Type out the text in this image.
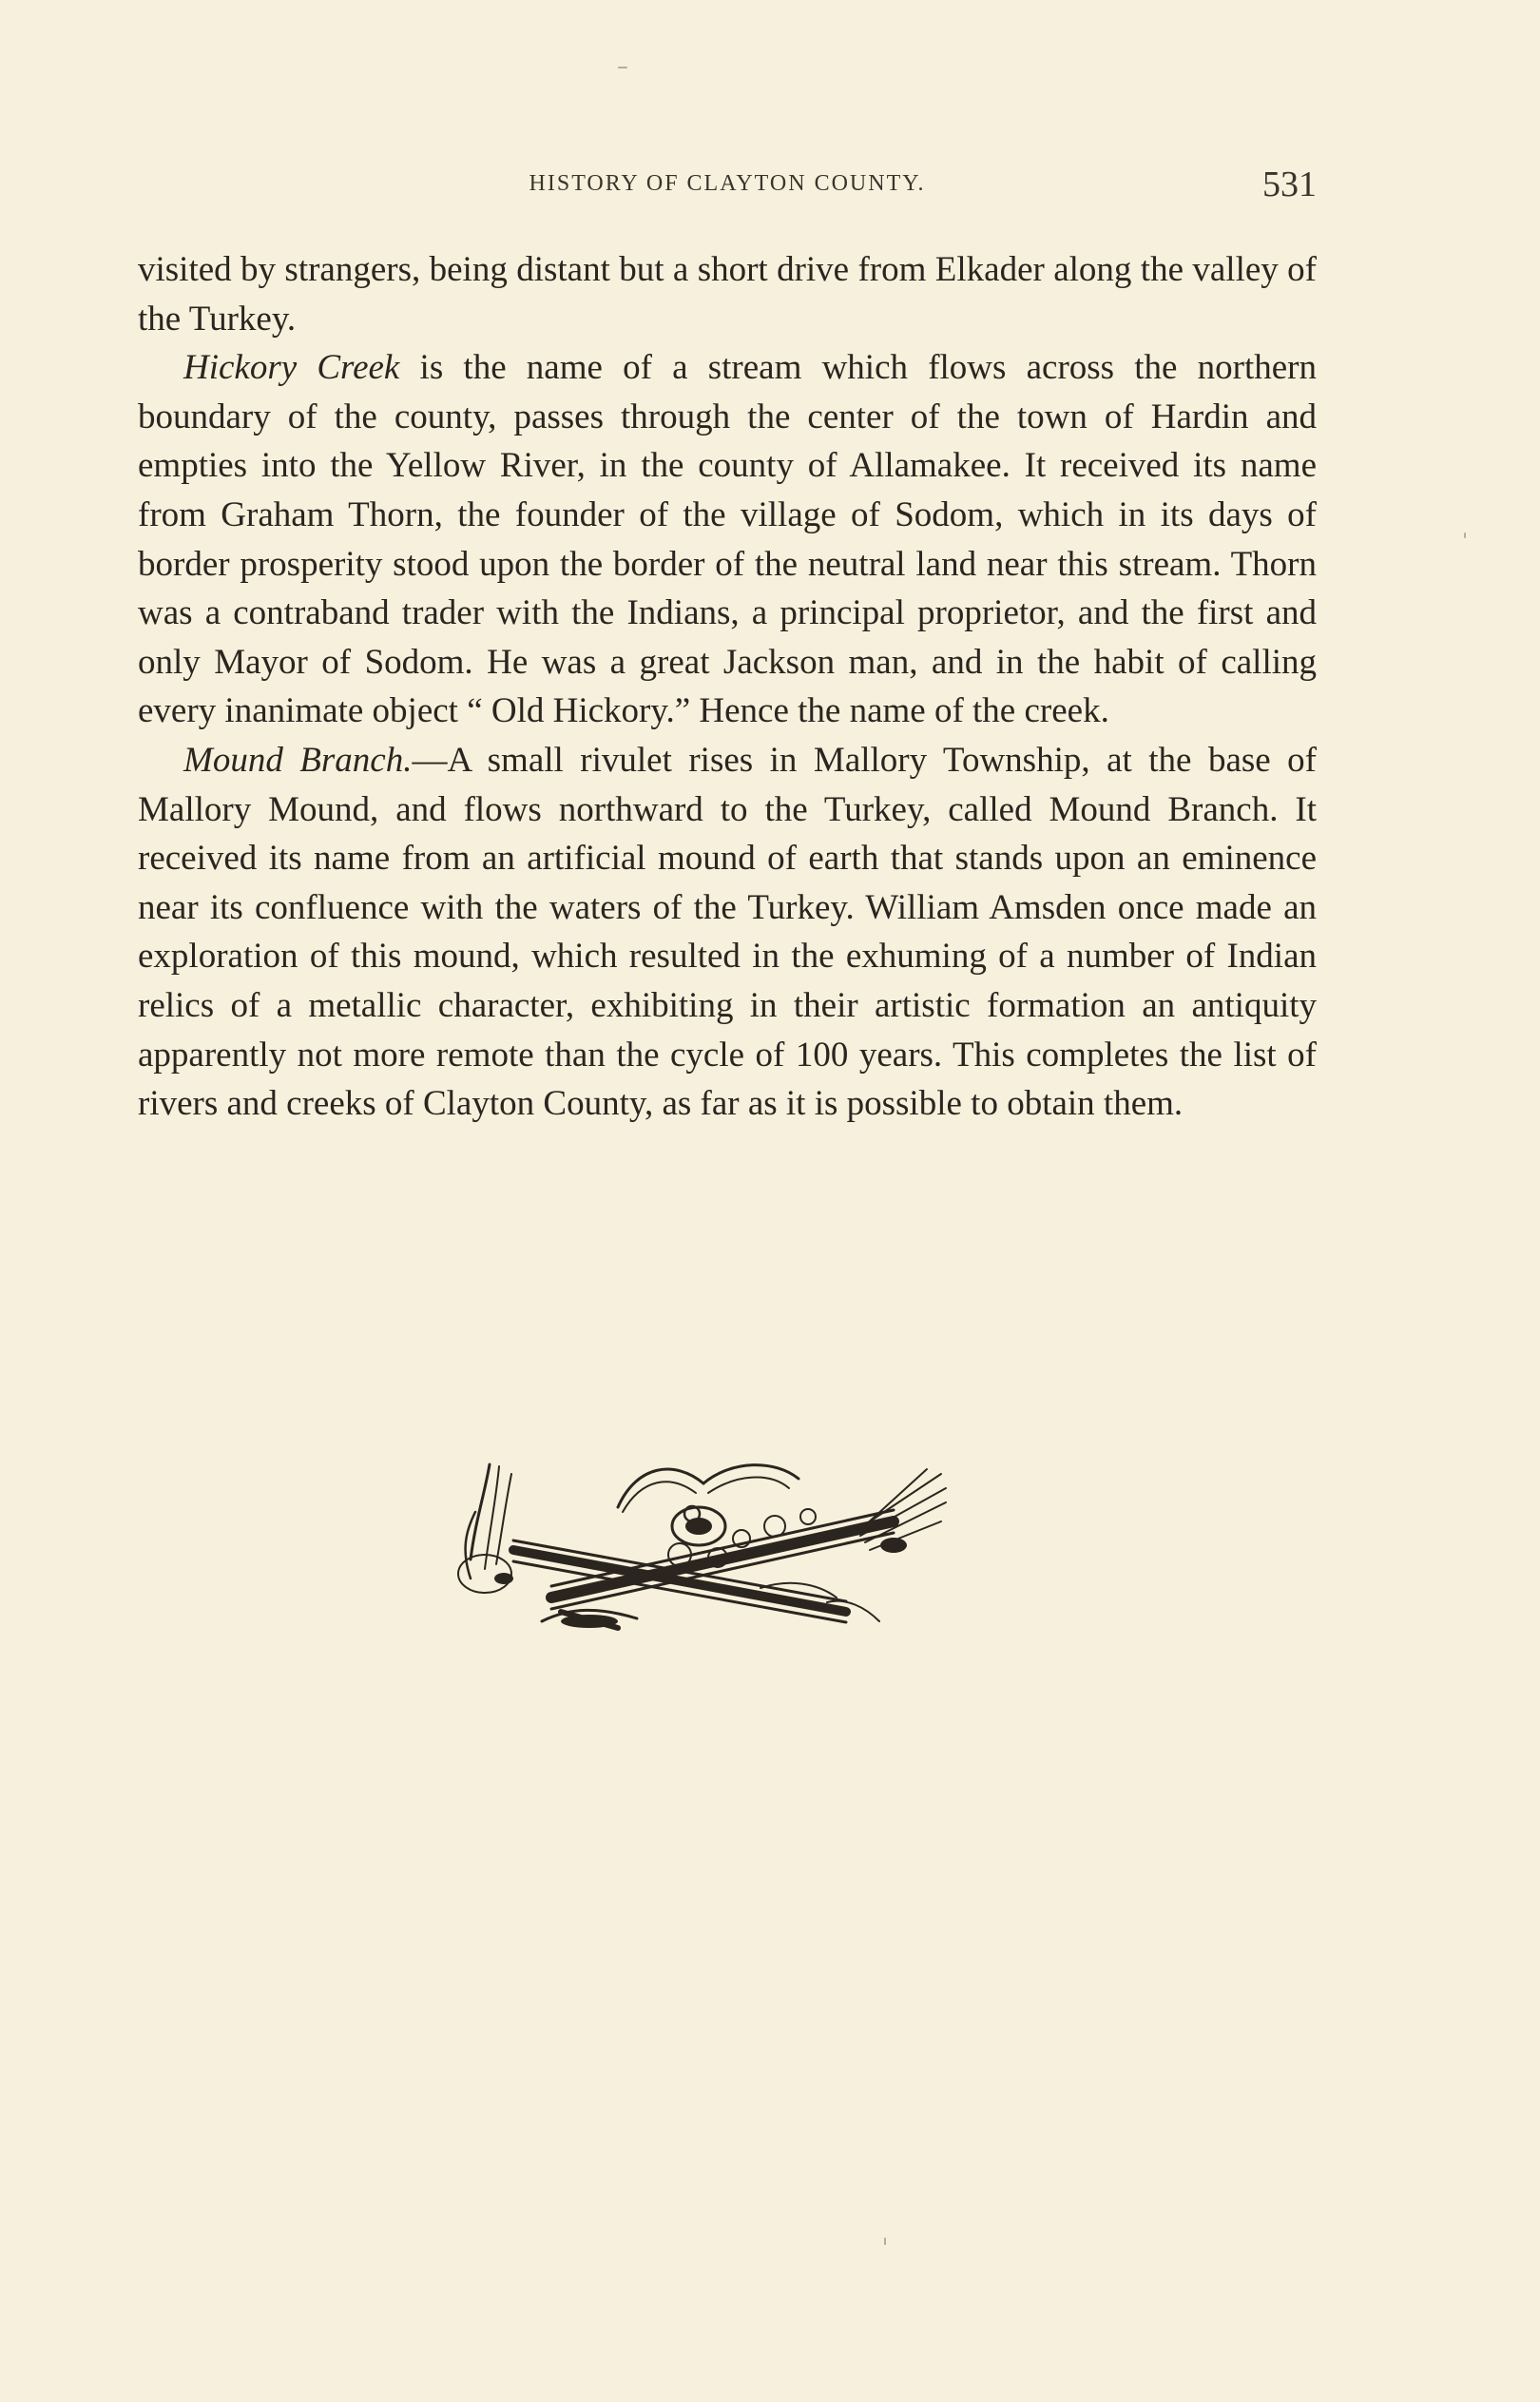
HISTORY OF CLAYTON COUNTY.	531

visited by strangers, being distant but a short drive from Elkader along the valley of the Turkey.

Hickory Creek is the name of a stream which flows across the northern boundary of the county, passes through the center of the town of Hardin and empties into the Yellow River, in the county of Allamakee. It received its name from Graham Thorn, the founder of the village of Sodom, which in its days of border prosperity stood upon the border of the neutral land near this stream. Thorn was a contraband trader with the Indians, a principal proprietor, and the first and only Mayor of Sodom. He was a great Jackson man, and in the habit of calling every inanimate object “ Old Hickory.” Hence the name of the creek.

Mound Branch.—A small rivulet rises in Mallory Township, at the base of Mallory Mound, and flows northward to the Turkey, called Mound Branch. It received its name from an artificial mound of earth that stands upon an eminence near its confluence with the waters of the Turkey. William Amsden once made an exploration of this mound, which resulted in the exhuming of a number of Indian relics of a metallic character, exhibiting in their artistic formation an antiquity apparently not more remote than the cycle of 100 years. This completes the list of rivers and creeks of Clayton County, as far as it is possible to obtain them.
